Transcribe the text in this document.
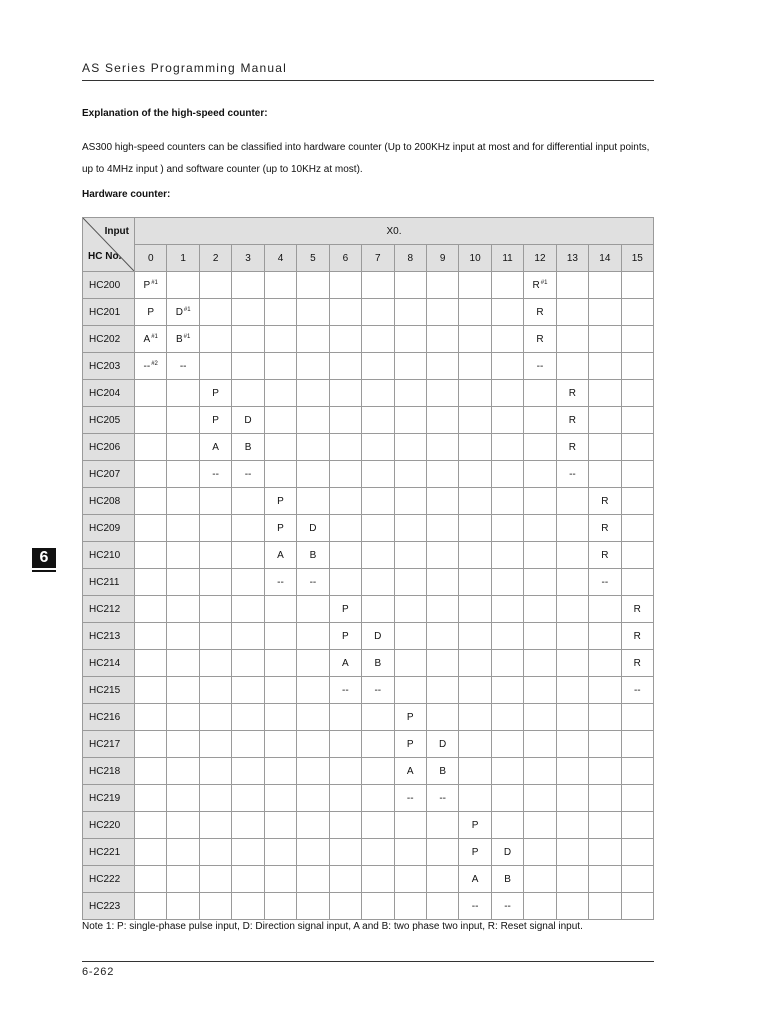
AS Series Programming Manual
Explanation of the high-speed counter:
AS300 high-speed counters can be classified into hardware counter (Up to 200KHz input at most and for differential input points, up to 4MHz input ) and software counter (up to 10KHz at most).
Hardware counter:
6
Input
HC No.	X0.															
	0	1	2	3	4	5	6	7	8	9	10	11	12	13	14	15
HC200	$P^{\#1}$												$R^{\#1}$			
HC201	P	$D^{\#1}$											R			
HC202	$A^{\#1}$	$B^{\#1}$											R			
HC203	--$^{\#2}$	--											--			
HC204			P											R		
HC205			P	D										R		
HC206			A	B										R		
HC207			--	--										--		
HC208					P										R	
HC209					P	D									R	
HC210					A	B									R	
HC211					--	--									--	
HC212							P									R
HC213							P	D								R
HC214							A	B								R
HC215							--	--								--
HC216									P							
HC217									P	D						
HC218									A	B						
HC219									--	--						
HC220											P					
HC221											P	D				
HC222											A	B				
HC223											--	--				
Note 1: P: single-phase pulse input, D: Direction signal input, A and B: two phase two input, R: Reset signal input.
6-262
